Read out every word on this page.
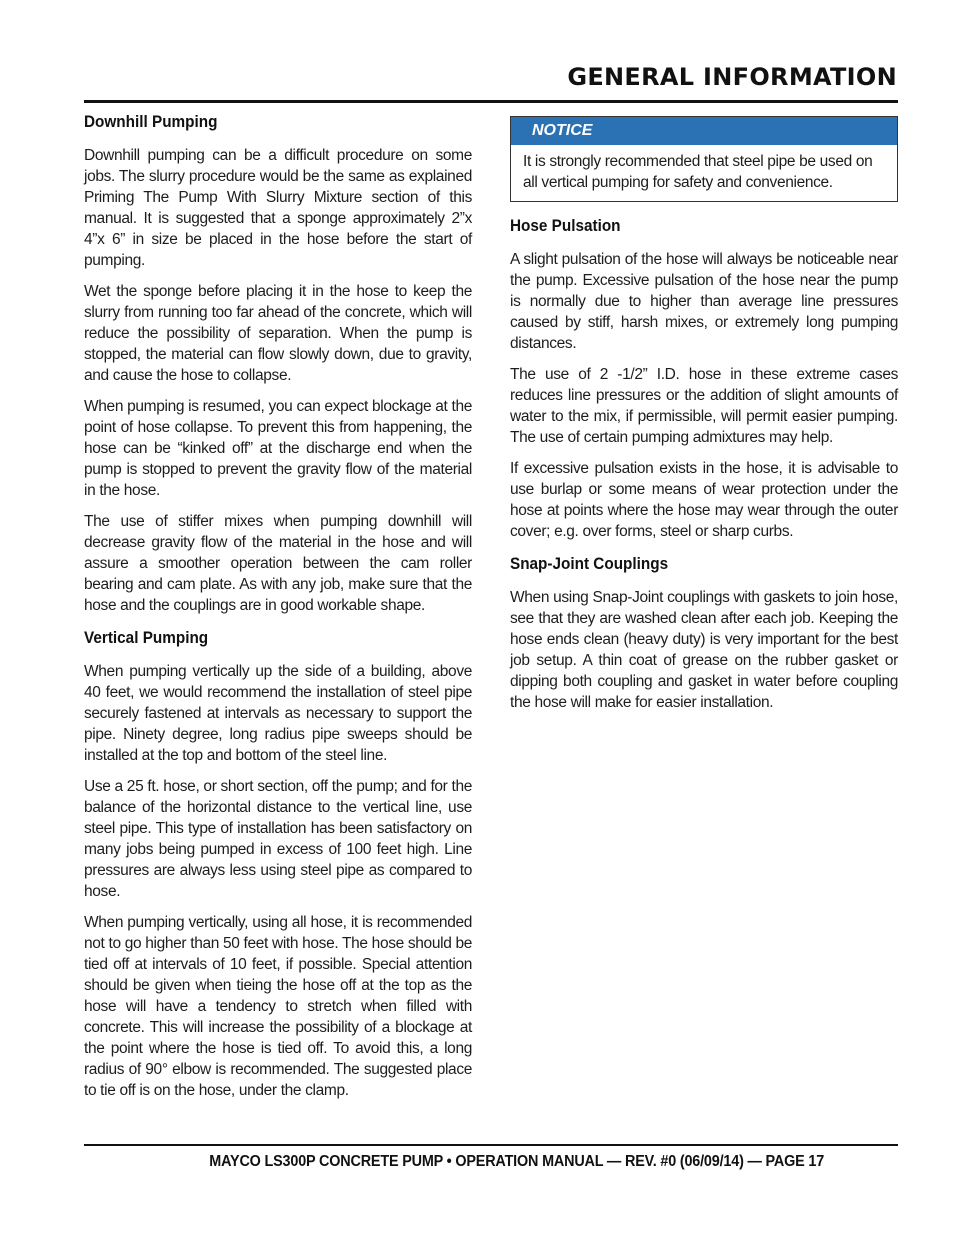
GENERAL INFORMATION
Downhill Pumping

Downhill pumping can be a difficult procedure on some jobs. The slurry procedure would be the same as explained Priming The Pump With Slurry Mixture section of this manual. It is suggested that a sponge approximately 2”x 4”x 6” in size be placed in the hose before the start of pumping.

Wet the sponge before placing it in the hose to keep the slurry from running too far ahead of the concrete, which will reduce the possibility of separation. When the pump is stopped, the material can flow slowly down, due to gravity, and cause the hose to collapse.

When pumping is resumed, you can expect blockage at the point of hose collapse. To prevent this from happening, the hose can be “kinked off” at the discharge end when the pump is stopped to prevent the gravity flow of the material in the hose.

The use of stiffer mixes when pumping downhill will decrease gravity flow of the material in the hose and will assure a smoother operation between the cam roller bearing and cam plate. As with any job, make sure that the hose and the couplings are in good workable shape.

Vertical Pumping

When pumping vertically up the side of a building, above 40 feet, we would recommend the installation of steel pipe securely fastened at intervals as necessary to support the pipe. Ninety degree, long radius pipe sweeps should be installed at the top and bottom of the steel line.

Use a 25 ft. hose, or short section, off the pump; and for the balance of the horizontal distance to the vertical line, use steel pipe. This type of installation has been satisfactory on many jobs being pumped in excess of 100 feet high. Line pressures are always less using steel pipe as compared to hose.

When pumping vertically, using all hose, it is recommended not to go higher than 50 feet with hose. The hose should be tied off at intervals of 10 feet, if possible. Special attention should be given when tieing the hose off at the top as the hose will have a tendency to stretch when filled with concrete. This will increase the possibility of a blockage at the point where the hose is tied off. To avoid this, a long radius of 90° elbow is recommended. The suggested place to tie off is on the hose, under the clamp.

NOTICE
It is strongly recommended that steel pipe be used on all vertical pumping for safety and convenience.
Hose Pulsation

A slight pulsation of the hose will always be noticeable near the pump. Excessive pulsation of the hose near the pump is normally due to higher than average line pressures caused by stiff, harsh mixes, or extremely long pumping distances.

The use of 2 -1/2” I.D. hose in these extreme cases reduces line pressures or the addition of slight amounts of water to the mix, if permissible, will permit easier pumping. The use of certain pumping admixtures may help.

If excessive pulsation exists in the hose, it is advisable to use burlap or some means of wear protection under the hose at points where the hose may wear through the outer cover; e.g. over forms, steel or sharp curbs.

Snap-Joint Couplings

When using Snap-Joint couplings with gaskets to join hose, see that they are washed clean after each job. Keeping the hose ends clean (heavy duty) is very important for the best job setup. A thin coat of grease on the rubber gasket or dipping both coupling and gasket in water before coupling the hose will make for easier installation.

MAYCO LS300P CONCRETE PUMP • OPERATION MANUAL — REV. #0 (06/09/14) — PAGE 17
